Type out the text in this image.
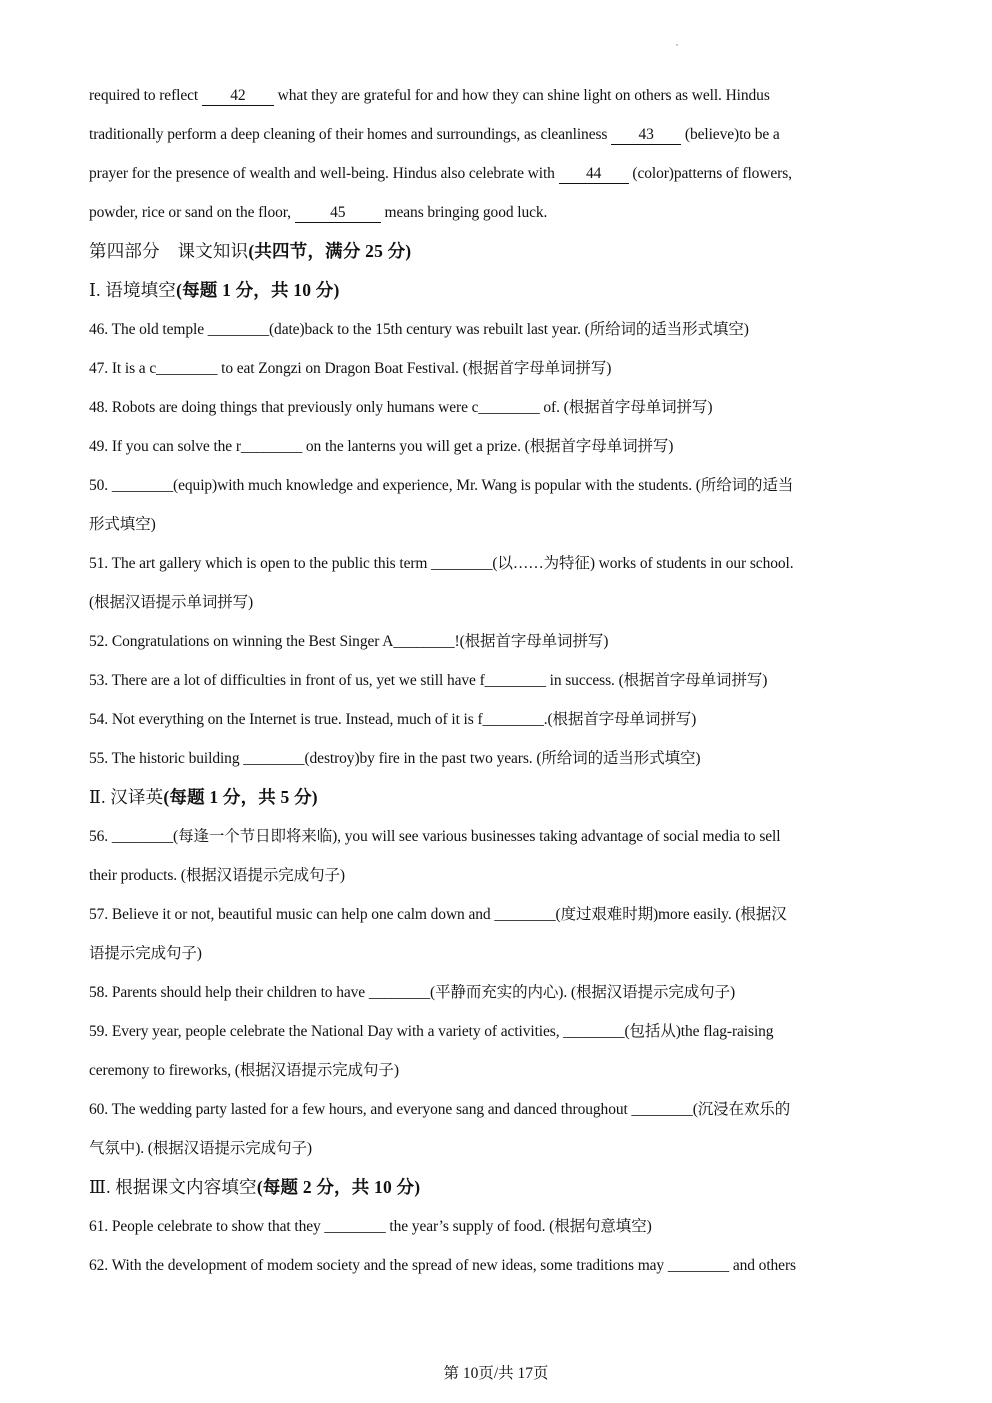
required to reflect 42 what they are grateful for and how they can shine light on others as well. Hindus
traditionally perform a deep cleaning of their homes and surroundings, as cleanliness 43 (believe)to be a
prayer for the presence of wealth and well-being. Hindus also celebrate with 44 (color)patterns of flowers,
powder, rice or sand on the floor, 45 means bringing good luck.
第四部分　课文知识(共四节，满分 25 分)
Ⅰ. 语境填空(每题 1 分，共 10 分)
46. The old temple ________(date)back to the 15th century was rebuilt last year. (所给词的适当形式填空)
47. It is a c________ to eat Zongzi on Dragon Boat Festival. (根据首字母单词拼写)
48. Robots are doing things that previously only humans were c________ of. (根据首字母单词拼写)
49. If you can solve the r________ on the lanterns you will get a prize. (根据首字母单词拼写)
50. ________(equip)with much knowledge and experience, Mr. Wang is popular with the students. (所给词的适当
形式填空)
51. The art gallery which is open to the public this term ________(以……为特征) works of students in our school.
(根据汉语提示单词拼写)
52. Congratulations on winning the Best Singer A________!(根据首字母单词拼写)
53. There are a lot of difficulties in front of us, yet we still have f________ in success. (根据首字母单词拼写)
54. Not everything on the Internet is true. Instead, much of it is f________.(根据首字母单词拼写)
55. The historic building ________(destroy)by fire in the past two years. (所给词的适当形式填空)
Ⅱ. 汉译英(每题 1 分，共 5 分)
56. ________(每逢一个节日即将来临), you will see various businesses taking advantage of social media to sell
their products. (根据汉语提示完成句子)
57. Believe it or not, beautiful music can help one calm down and ________(度过艰难时期)more easily. (根据汉
语提示完成句子)
58. Parents should help their children to have ________(平静而充实的内心). (根据汉语提示完成句子)
59. Every year, people celebrate the National Day with a variety of activities, ________(包括从)the flag-raising
ceremony to fireworks, (根据汉语提示完成句子)
60. The wedding party lasted for a few hours, and everyone sang and danced throughout ________(沉浸在欢乐的
气氛中). (根据汉语提示完成句子)
Ⅲ. 根据课文内容填空(每题 2 分，共 10 分)
61. People celebrate to show that they ________ the year’s supply of food. (根据句意填空)
62. With the development of modem society and the spread of new ideas, some traditions may ________ and others
第 10页/共 17页
